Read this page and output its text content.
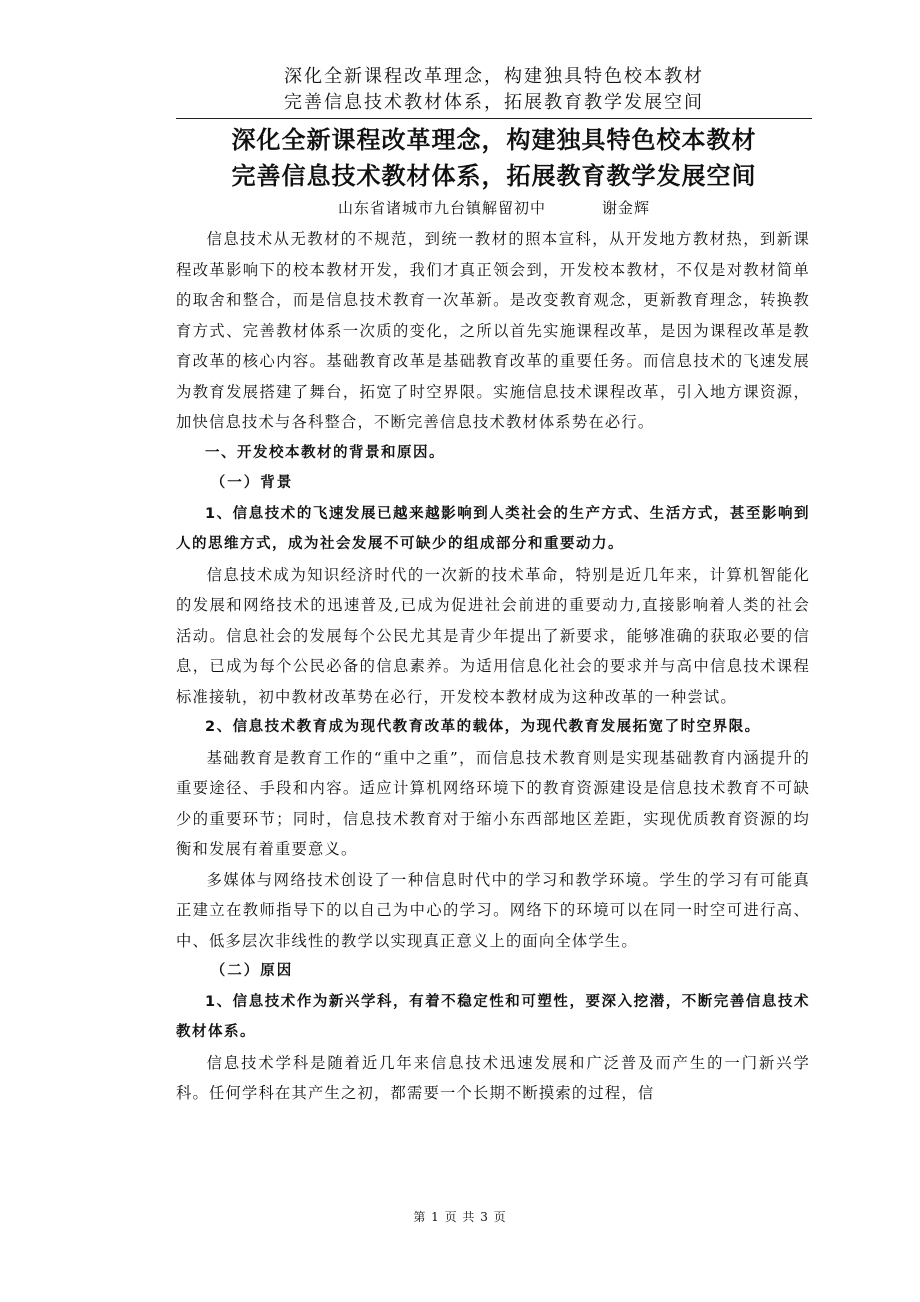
深化全新课程改革理念，构建独具特色校本教材
完善信息技术教材体系，拓展教育教学发展空间
深化全新课程改革理念，构建独具特色校本教材
完善信息技术教材体系，拓展教育教学发展空间
山东省诸城市九台镇解留初中	谢金辉

信息技术从无教材的不规范，到统一教材的照本宣科，从开发地方教材热，到新课程改革影响下的校本教材开发，我们才真正领会到，开发校本教材，不仅是对教材简单的取舍和整合，而是信息技术教育一次革新。是改变教育观念，更新教育理念，转换教育方式、完善教材体系一次质的变化，之所以首先实施课程改革，是因为课程改革是教育改革的核心内容。基础教育改革是基础教育改革的重要任务。而信息技术的飞速发展为教育发展搭建了舞台，拓宽了时空界限。实施信息技术课程改革，引入地方课资源，加快信息技术与各科整合，不断完善信息技术教材体系势在必行。

一、开发校本教材的背景和原因。

（一）背景

1、信息技术的飞速发展已越来越影响到人类社会的生产方式、生活方式，甚至影响到人的思维方式，成为社会发展不可缺少的组成部分和重要动力。

信息技术成为知识经济时代的一次新的技术革命，特别是近几年来，计算机智能化的发展和网络技术的迅速普及,已成为促进社会前进的重要动力,直接影响着人类的社会活动。信息社会的发展每个公民尤其是青少年提出了新要求，能够准确的获取必要的信息，已成为每个公民必备的信息素养。为适用信息化社会的要求并与高中信息技术课程标准接轨，初中教材改革势在必行，开发校本教材成为这种改革的一种尝试。

2、信息技术教育成为现代教育改革的载体，为现代教育发展拓宽了时空界限。

基础教育是教育工作的“重中之重”，而信息技术教育则是实现基础教育内涵提升的重要途径、手段和内容。适应计算机网络环境下的教育资源建设是信息技术教育不可缺少的重要环节；同时，信息技术教育对于缩小东西部地区差距，实现优质教育资源的均衡和发展有着重要意义。

多媒体与网络技术创设了一种信息时代中的学习和教学环境。学生的学习有可能真正建立在教师指导下的以自己为中心的学习。网络下的环境可以在同一时空可进行高、中、低多层次非线性的教学以实现真正意义上的面向全体学生。

（二）原因

1、信息技术作为新兴学科，有着不稳定性和可塑性，要深入挖潜，不断完善信息技术教材体系。

信息技术学科是随着近几年来信息技术迅速发展和广泛普及而产生的一门新兴学科。任何学科在其产生之初，都需要一个长期不断摸索的过程，信

第 1 页 共 3 页
